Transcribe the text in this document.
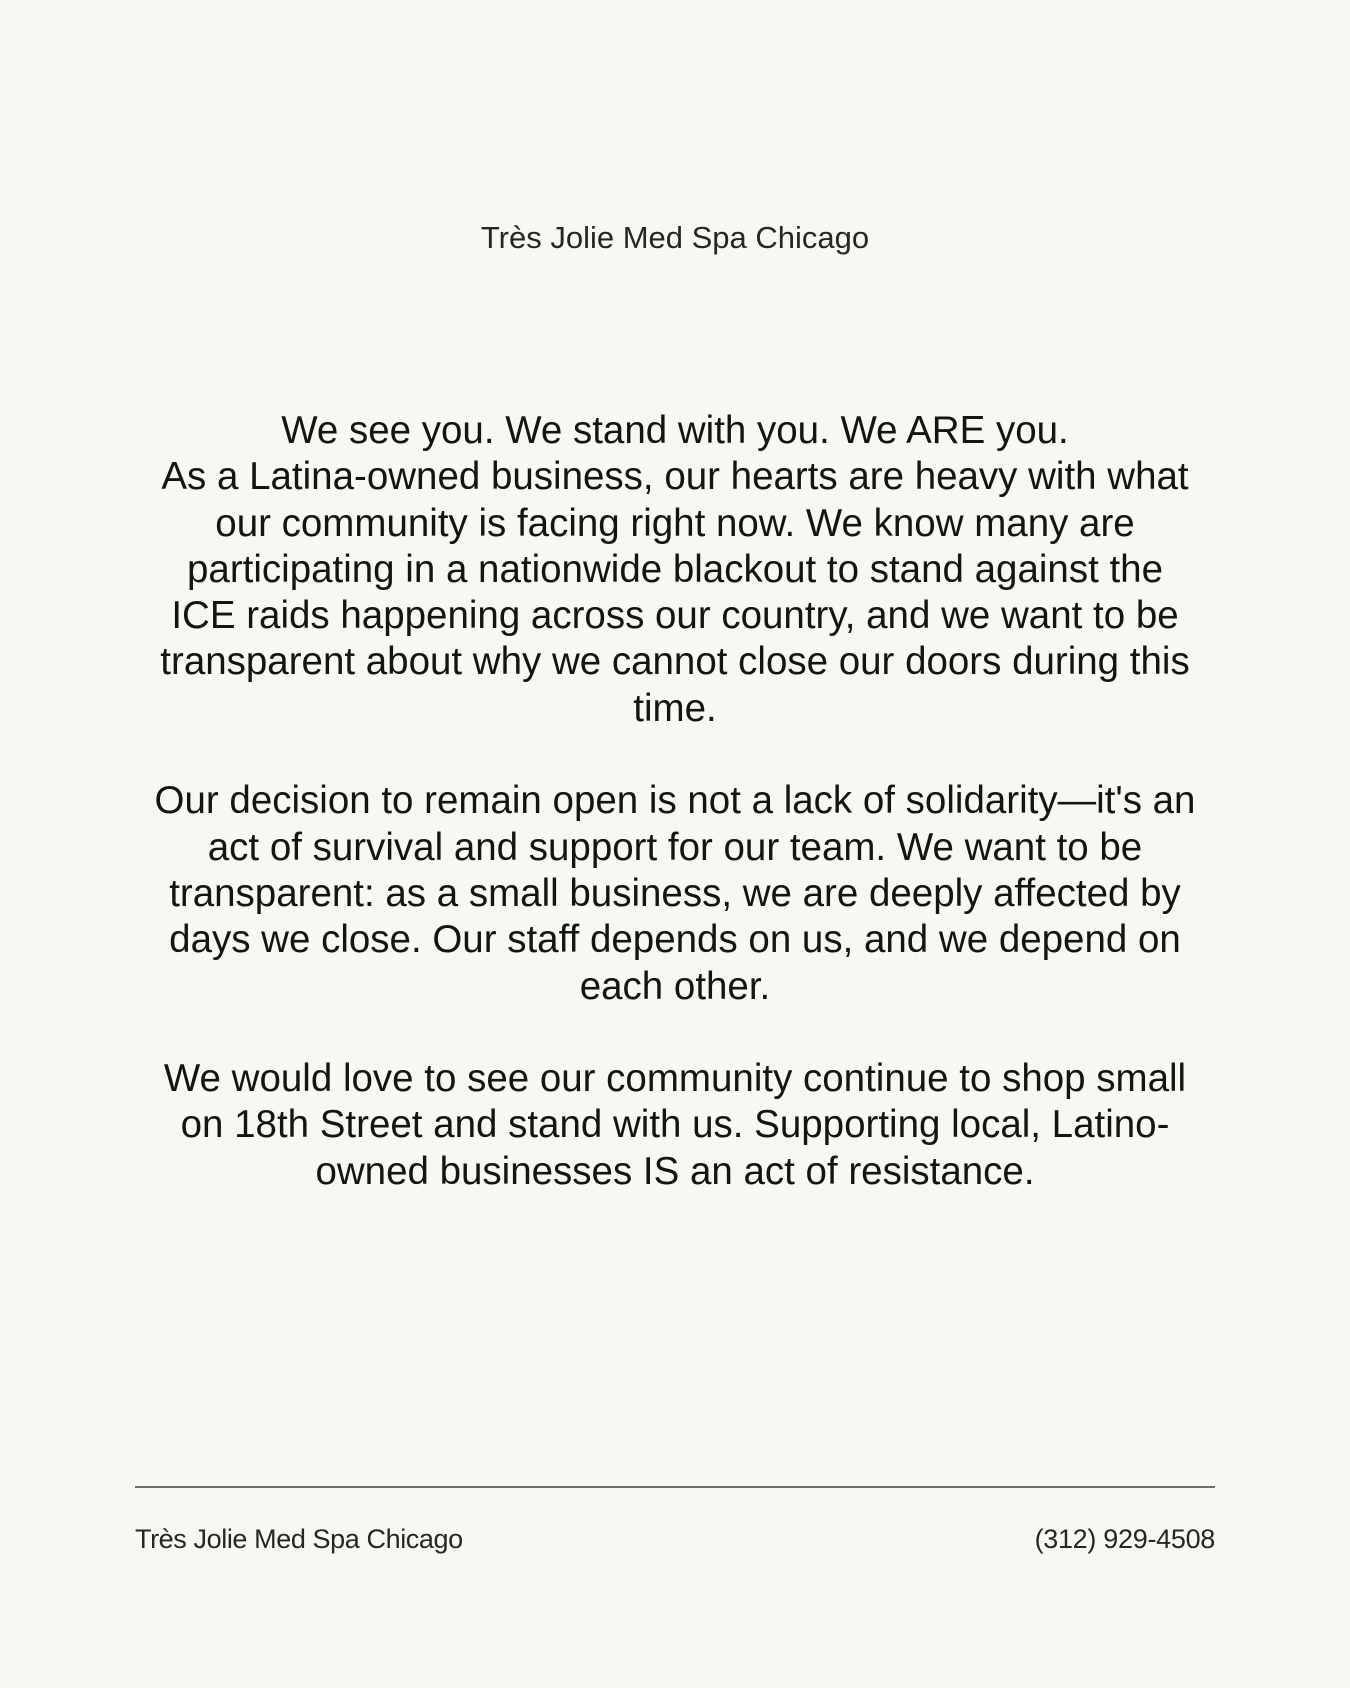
Très Jolie Med Spa Chicago

We see you. We stand with you. We ARE you.
As a Latina-owned business, our hearts are heavy with what
our community is facing right now. We know many are
participating in a nationwide blackout to stand against the
ICE raids happening across our country, and we want to be
transparent about why we cannot close our doors during this
time.

Our decision to remain open is not a lack of solidarity—it's an
act of survival and support for our team. We want to be
transparent: as a small business, we are deeply affected by
days we close. Our staff depends on us, and we depend on
each other.

We would love to see our community continue to shop small
on 18th Street and stand with us. Supporting local, Latino-
owned businesses IS an act of resistance.

Très Jolie Med Spa Chicago	(312) 929-4508
